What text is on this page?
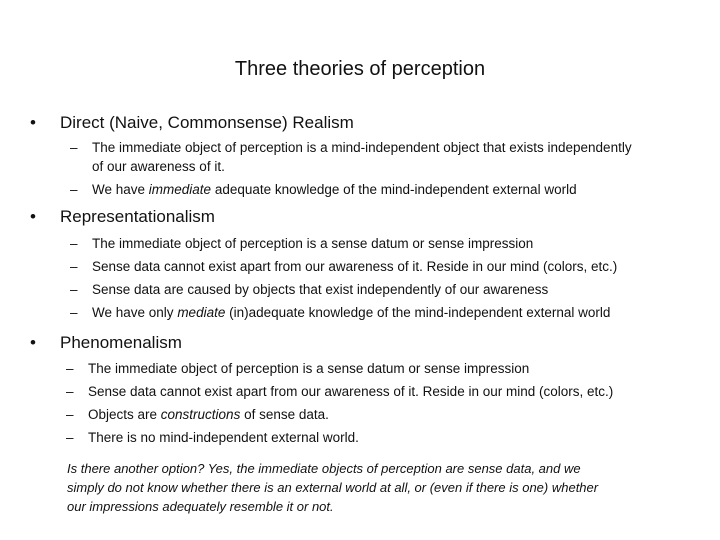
Three theories of perception
• Direct (Naive, Commonsense) Realism
– The immediate object of perception is a mind-independent object that exists independently of our awareness of it.
– We have immediate adequate knowledge of the mind-independent external world
• Representationalism
– The immediate object of perception is a sense datum or sense impression
– Sense data cannot exist apart from our awareness of it. Reside in our mind (colors, etc.)
– Sense data are caused by objects that exist independently of our awareness
– We have only mediate (in)adequate knowledge of the mind-independent external world
• Phenomenalism
– The immediate object of perception is a sense datum or sense impression
– Sense data cannot exist apart from our awareness of it. Reside in our mind (colors, etc.)
– Objects are constructions of sense data.
– There is no mind-independent external world.
Is there another option? Yes, the immediate objects of perception are sense data, and we simply do not know whether there is an external world at all, or (even if there is one) whether our impressions adequately resemble it or not.
